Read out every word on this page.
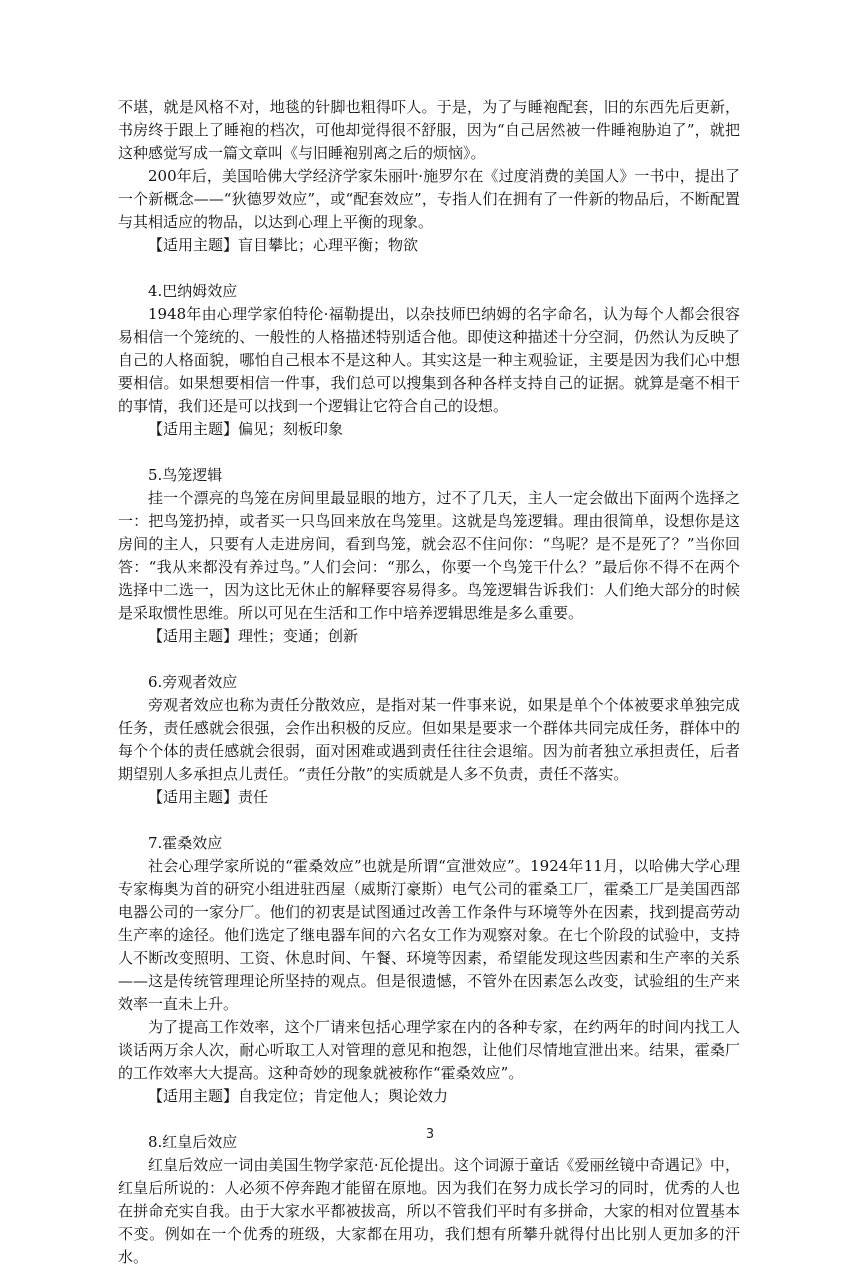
不堪，就是风格不对，地毯的针脚也粗得吓人。于是，为了与睡袍配套，旧的东西先后更新，书房终于跟上了睡袍的档次，可他却觉得很不舒服，因为“自己居然被一件睡袍胁迫了”，就把这种感觉写成一篇文章叫《与旧睡袍别离之后的烦恼》。

200年后，美国哈佛大学经济学家朱丽叶·施罗尔在《过度消费的美国人》一书中，提出了一个新概念——“狄德罗效应”，或“配套效应”，专指人们在拥有了一件新的物品后，不断配置与其相适应的物品，以达到心理上平衡的现象。

【适用主题】盲目攀比；心理平衡；物欲

4.巴纳姆效应

1948年由心理学家伯特伦·福勒提出，以杂技师巴纳姆的名字命名，认为每个人都会很容易相信一个笼统的、一般性的人格描述特别适合他。即使这种描述十分空洞，仍然认为反映了自己的人格面貌，哪怕自己根本不是这种人。其实这是一种主观验证，主要是因为我们心中想要相信。如果想要相信一件事，我们总可以搜集到各种各样支持自己的证据。就算是毫不相干的事情，我们还是可以找到一个逻辑让它符合自己的设想。

【适用主题】偏见；刻板印象

5.鸟笼逻辑

挂一个漂亮的鸟笼在房间里最显眼的地方，过不了几天，主人一定会做出下面两个选择之一：把鸟笼扔掉，或者买一只鸟回来放在鸟笼里。这就是鸟笼逻辑。理由很简单，设想你是这房间的主人，只要有人走进房间，看到鸟笼，就会忍不住问你：“鸟呢？是不是死了？”当你回答：“我从来都没有养过鸟。”人们会问：“那么，你要一个鸟笼干什么？”最后你不得不在两个选择中二选一，因为这比无休止的解释要容易得多。鸟笼逻辑告诉我们：人们绝大部分的时候是采取惯性思维。所以可见在生活和工作中培养逻辑思维是多么重要。

【适用主题】理性；变通；创新

6.旁观者效应

旁观者效应也称为责任分散效应，是指对某一件事来说，如果是单个个体被要求单独完成任务，责任感就会很强，会作出积极的反应。但如果是要求一个群体共同完成任务，群体中的每个个体的责任感就会很弱，面对困难或遇到责任往往会退缩。因为前者独立承担责任，后者期望别人多承担点儿责任。“责任分散”的实质就是人多不负责，责任不落实。

【适用主题】责任

7.霍桑效应

社会心理学家所说的“霍桑效应”也就是所谓“宣泄效应”。1924年11月，以哈佛大学心理专家梅奥为首的研究小组进驻西屋（威斯汀豪斯）电气公司的霍桑工厂，霍桑工厂是美国西部电器公司的一家分厂。他们的初衷是试图通过改善工作条件与环境等外在因素，找到提高劳动生产率的途径。他们选定了继电器车间的六名女工作为观察对象。在七个阶段的试验中，支持人不断改变照明、工资、休息时间、午餐、环境等因素，希望能发现这些因素和生产率的关系——这是传统管理理论所坚持的观点。但是很遗憾，不管外在因素怎么改变，试验组的生产来效率一直未上升。

为了提高工作效率，这个厂请来包括心理学家在内的各种专家，在约两年的时间内找工人谈话两万余人次，耐心听取工人对管理的意见和抱怨，让他们尽情地宣泄出来。结果，霍桑厂的工作效率大大提高。这种奇妙的现象就被称作“霍桑效应”。

【适用主题】自我定位；肯定他人；舆论效力

8.红皇后效应

红皇后效应一词由美国生物学家范·瓦伦提出。这个词源于童话《爱丽丝镜中奇遇记》中，红皇后所说的：人必须不停奔跑才能留在原地。因为我们在努力成长学习的同时，优秀的人也在拼命充实自我。由于大家水平都被拔高，所以不管我们平时有多拼命，大家的相对位置基本不变。例如在一个优秀的班级，大家都在用功，我们想有所攀升就得付出比别人更加多的汗水。

3
